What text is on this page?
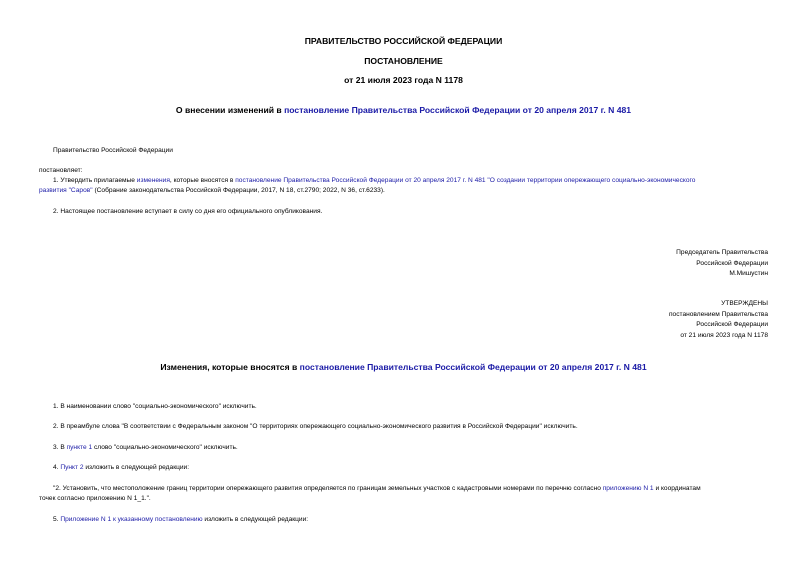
ПРАВИТЕЛЬСТВО РОССИЙСКОЙ ФЕДЕРАЦИИ
ПОСТАНОВЛЕНИЕ
от 21 июля 2023 года N 1178
О внесении изменений в постановление Правительства Российской Федерации от 20 апреля 2017 г. N 481
Правительство Российской Федерации
постановляет:
1. Утвердить прилагаемые изменения, которые вносятся в постановление Правительства Российской Федерации от 20 апреля 2017 г. N 481 "О создании территории опережающего социально-экономического
развития "Саров" (Собрание законодательства Российской Федерации, 2017, N 18, ст.2790; 2022, N 36, ст.6233).
2. Настоящее постановление вступает в силу со дня его официального опубликования.
Председатель Правительства
Российской Федерации
М.Мишустин
УТВЕРЖДЕНЫ
постановлением Правительства
Российской Федерации
от 21 июля 2023 года N 1178
Изменения, которые вносятся в постановление Правительства Российской Федерации от 20 апреля 2017 г. N 481
1. В наименовании слово "социально-экономического" исключить.
2. В преамбуле слова "В соответствии с Федеральным законом "О территориях опережающего социально-экономического развития в Российской Федерации" исключить.
3. В пункте 1 слово "социально-экономического" исключить.
4. Пункт 2 изложить в следующей редакции:
"2. Установить, что местоположение границ территории опережающего развития определяется по границам земельных участков с кадастровыми номерами по перечню согласно приложению N 1 и координатам
точек согласно приложению N 1_1.".
5. Приложение N 1 к указанному постановлению изложить в следующей редакции:
